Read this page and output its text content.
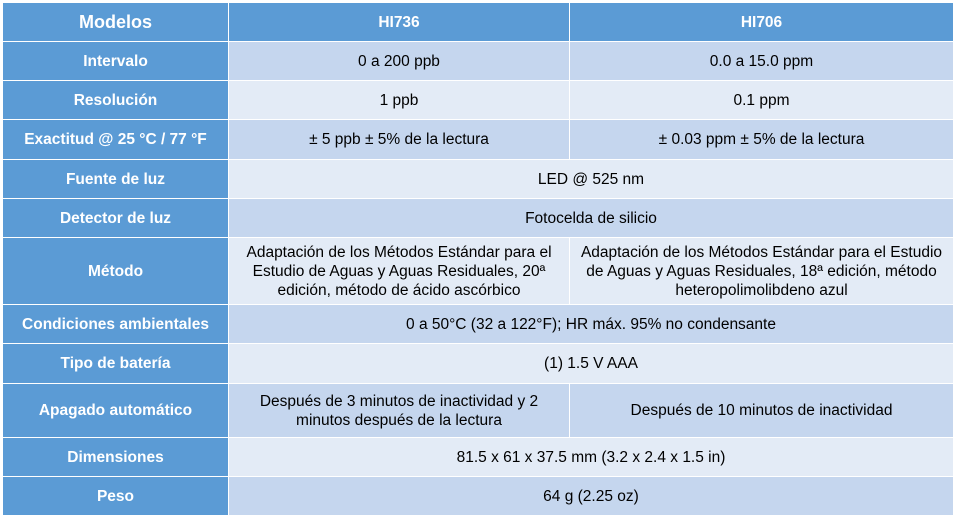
Modelos	HI736	HI706
Intervalo	0 a 200 ppb	0.0 a 15.0 ppm
Resolución	1 ppb	0.1 ppm
Exactitud @ 25 °C / 77 °F	± 5 ppb ± 5% de la lectura	± 0.03 ppm ± 5% de la lectura
Fuente de luz	LED @ 525 nm	
Detector de luz	Fotocelda de silicio	
Método	Adaptación de los Métodos Estándar para el Estudio de Aguas y Aguas Residuales, 20ª edición, método de ácido ascórbico	Adaptación de los Métodos Estándar para el Estudio de Aguas y Aguas Residuales, 18ª edición, método heteropolimolibdeno azul
Condiciones ambientales	0 a 50°C (32 a 122°F); HR máx. 95% no condensante	
Tipo de batería	(1) 1.5 V AAA	
Apagado automático	Después de 3 minutos de inactividad y 2 minutos después de la lectura	Después de 10 minutos de inactividad
Dimensiones	81.5 x 61 x 37.5 mm (3.2 x 2.4 x 1.5 in)	
Peso	64 g (2.25 oz)	
